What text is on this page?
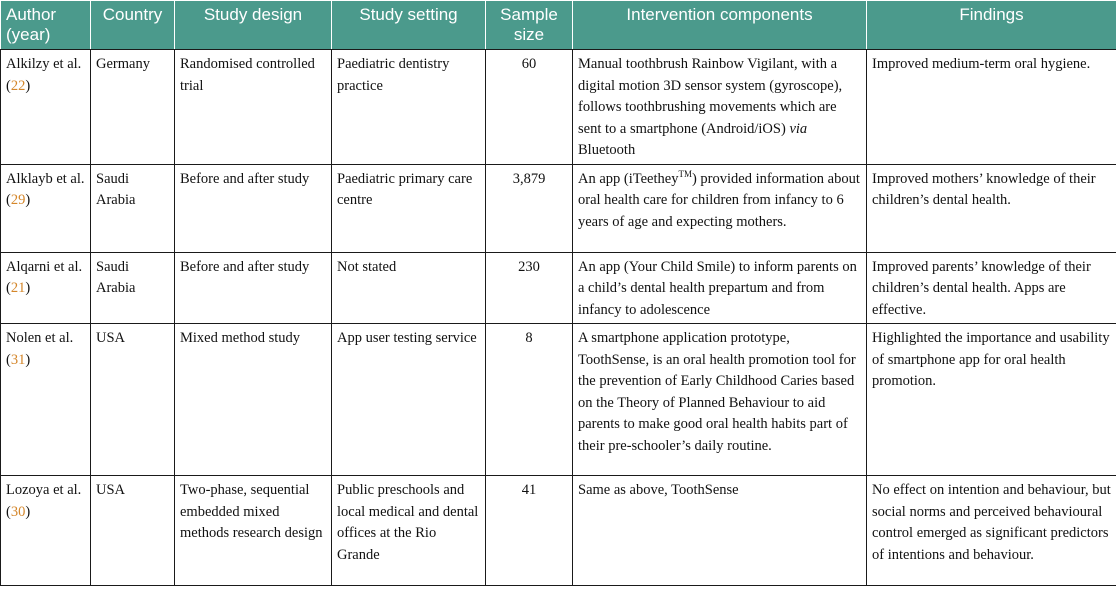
Author (year)	Country	Study design	Study setting	Sample size	Intervention components	Findings
Alkilzy et al. (22)	Germany	Randomised controlled trial	Paediatric dentistry practice	60	Manual toothbrush Rainbow Vigilant, with a digital motion 3D sensor system (gyroscope), follows toothbrushing movements which are sent to a smartphone (Android/iOS) via Bluetooth	Improved medium-term oral hygiene.
Alklayb et al. (29)	Saudi Arabia	Before and after study	Paediatric primary care centre	3,879	An app (iTeethey™) provided information about oral health care for children from infancy to 6 years of age and expecting mothers.	Improved mothers’ knowledge of their children’s dental health.
Alqarni et al. (21)	Saudi Arabia	Before and after study	Not stated	230	An app (Your Child Smile) to inform parents on a child’s dental health prepartum and from infancy to adolescence	Improved parents’ knowledge of their children’s dental health. Apps are effective.
Nolen et al. (31)	USA	Mixed method study	App user testing service	8	A smartphone application prototype, ToothSense, is an oral health promotion tool for the prevention of Early Childhood Caries based on the Theory of Planned Behaviour to aid parents to make good oral health habits part of their pre-schooler’s daily routine.	Highlighted the importance and usability of smartphone app for oral health promotion.
Lozoya et al. (30)	USA	Two-phase, sequential embedded mixed methods research design	Public preschools and local medical and dental offices at the Rio Grande	41	Same as above, ToothSense	No effect on intention and behaviour, but social norms and perceived behavioural control emerged as significant predictors of intentions and behaviour.
